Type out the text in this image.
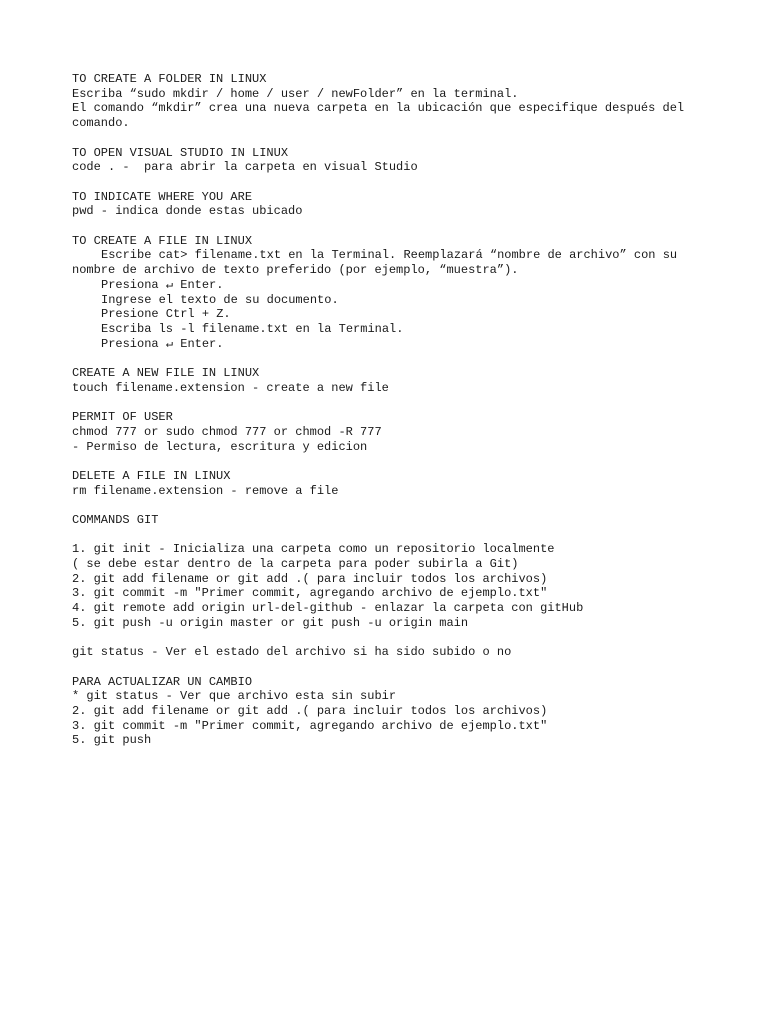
TO CREATE A FOLDER IN LINUX
Escriba “sudo mkdir / home / user / newFolder” en la terminal.
El comando “mkdir” crea una nueva carpeta en la ubicación que especifique después del comando.
TO OPEN VISUAL STUDIO IN LINUX
code . -  para abrir la carpeta en visual Studio
TO INDICATE WHERE YOU ARE
pwd - indica donde estas ubicado
TO CREATE A FILE IN LINUX
Escribe cat> filename.txt en la Terminal. Reemplazará “nombre de archivo” con su nombre de archivo de texto preferido (por ejemplo, “muestra”).
Presiona ↵ Enter.
Ingrese el texto de su documento.
Presione Ctrl + Z.
Escriba ls -l filename.txt en la Terminal.
Presiona ↵ Enter.
CREATE A NEW FILE IN LINUX
touch filename.extension - create a new file
PERMIT OF USER
chmod 777 or sudo chmod 777 or chmod -R 777
- Permiso de lectura, escritura y edicion
DELETE A FILE IN LINUX
rm filename.extension - remove a file
COMMANDS GIT
1. git init - Inicializa una carpeta como un repositorio localmente
( se debe estar dentro de la carpeta para poder subirla a Git)
2. git add filename or git add .( para incluir todos los archivos)
3. git commit -m "Primer commit, agregando archivo de ejemplo.txt"
4. git remote add origin url-del-github - enlazar la carpeta con gitHub
5. git push -u origin master or git push -u origin main
git status - Ver el estado del archivo si ha sido subido o no
PARA ACTUALIZAR UN CAMBIO
* git status - Ver que archivo esta sin subir
2. git add filename or git add .( para incluir todos los archivos)
3. git commit -m "Primer commit, agregando archivo de ejemplo.txt"
5. git push
